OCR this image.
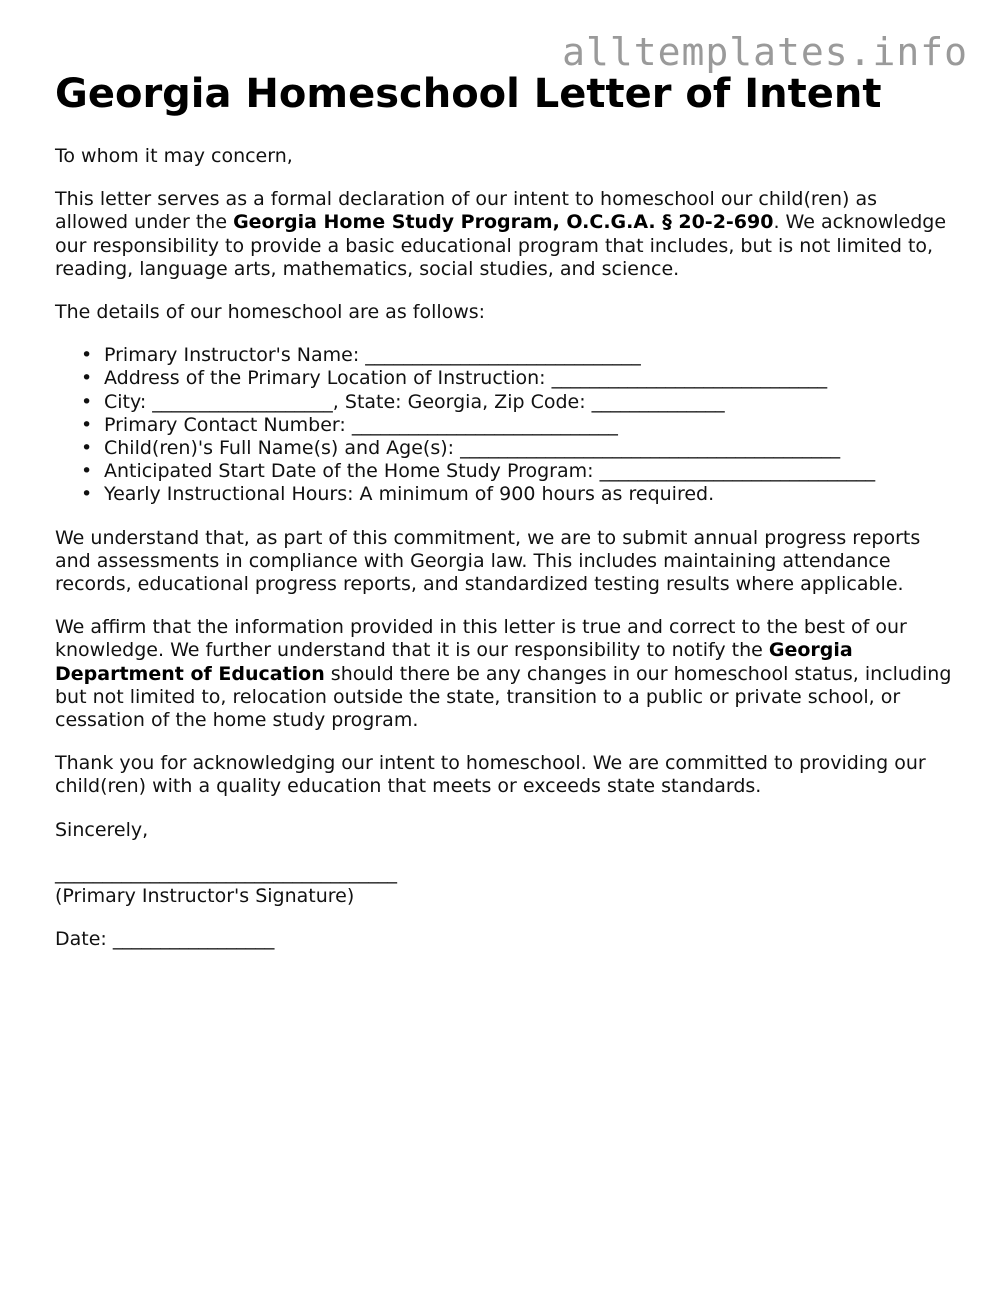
alltemplates.info
Georgia Homeschool Letter of Intent

To whom it may concern,

This letter serves as a formal declaration of our intent to homeschool our child(ren) as allowed under the Georgia Home Study Program, O.C.G.A. § 20-2-690. We acknowledge our responsibility to provide a basic educational program that includes, but is not limited to, reading, language arts, mathematics, social studies, and science.

The details of our homeschool are as follows:

• Primary Instructor's Name: _____________________________
• Address of the Primary Location of Instruction: _____________________________
• City: ___________________, State: Georgia, Zip Code: ______________
• Primary Contact Number: ____________________________
• Child(ren)'s Full Name(s) and Age(s): ________________________________________
• Anticipated Start Date of the Home Study Program: _____________________________
• Yearly Instructional Hours: A minimum of 900 hours as required.

We understand that, as part of this commitment, we are to submit annual progress reports and assessments in compliance with Georgia law. This includes maintaining attendance records, educational progress reports, and standardized testing results where applicable.

We affirm that the information provided in this letter is true and correct to the best of our knowledge. We further understand that it is our responsibility to notify the Georgia Department of Education should there be any changes in our homeschool status, including but not limited to, relocation outside the state, transition to a public or private school, or cessation of the home study program.

Thank you for acknowledging our intent to homeschool. We are committed to providing our child(ren) with a quality education that meets or exceeds state standards.

Sincerely,

____________________________________

(Primary Instructor's Signature)

Date: _________________
